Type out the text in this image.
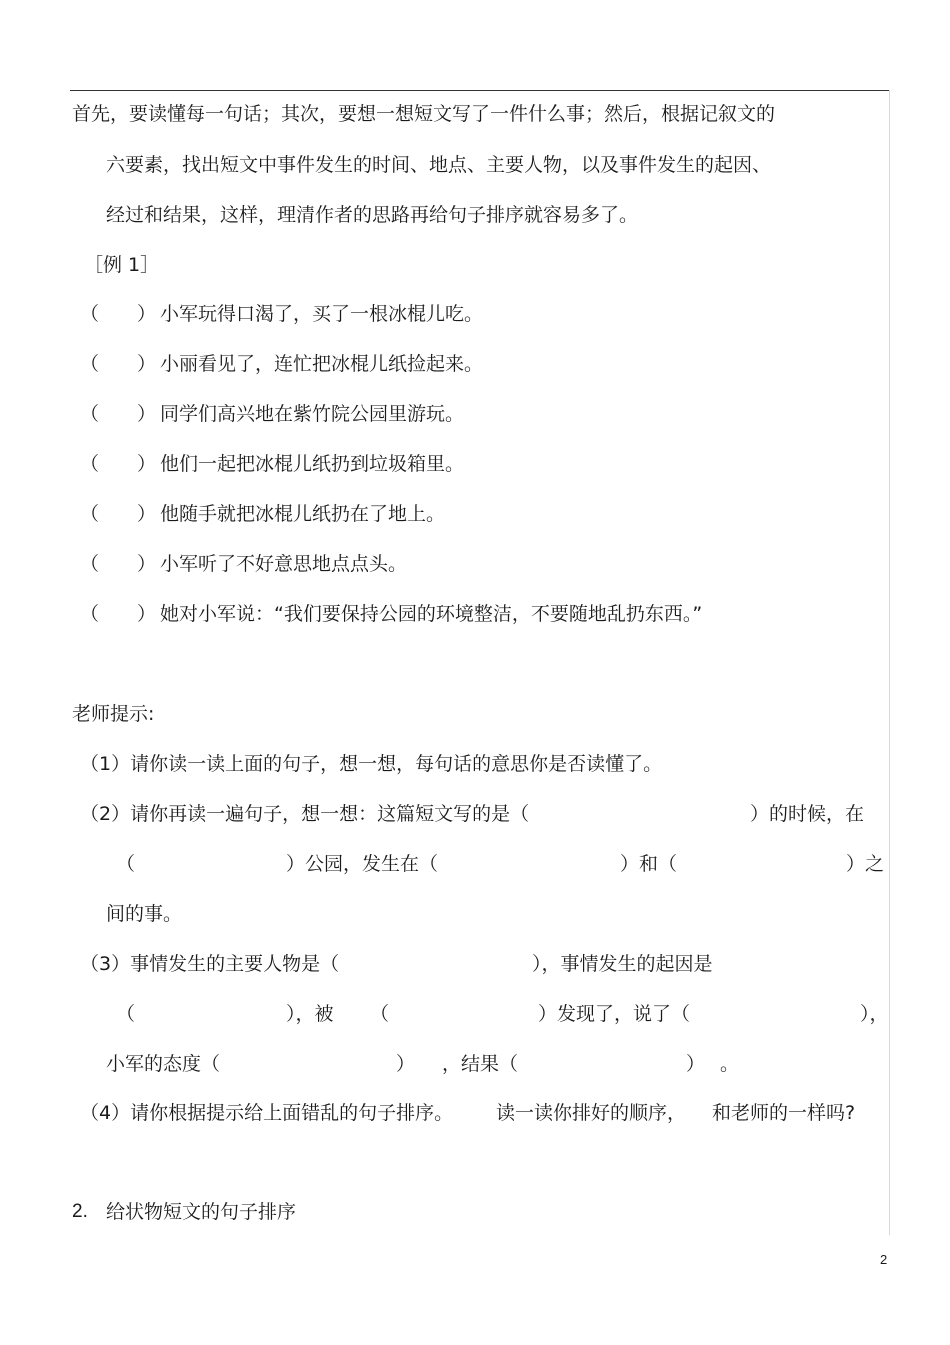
首先，要读懂每一句话；其次，要想一想短文写了一件什么事；然后，根据记叙文的
六要素，找出短文中事件发生的时间、地点、主要人物，以及事件发生的起因、
经过和结果，这样，理清作者的思路再给句子排序就容易多了。
［例 1］
（　　） 小军玩得口渴了，买了一根冰棍儿吃。
（　　） 小丽看见了，连忙把冰棍儿纸捡起来。
（　　） 同学们高兴地在紫竹院公园里游玩。
（　　） 他们一起把冰棍儿纸扔到垃圾箱里。
（　　） 他随手就把冰棍儿纸扔在了地上。
（　　） 小军听了不好意思地点点头。
（　　） 她对小军说：“我们要保持公园的环境整洁，不要随地乱扔东西。”
老师提示:
（1）请你读一读上面的句子，想一想，每句话的意思你是否读懂了。
（2）请你再读一遍句子，想一想：这篇短文写的是（	）的时候，在
（	）公园，发生在（	）和（	）之
间的事。
（3）事情发生的主要人物是（	），事情发生的起因是
（	），被 （	）发现了，说了（	），
小军的态度（	） ，结果（	） 。
（4）请你根据提示给上面错乱的句子排序。 读一读你排好的顺序， 和老师的一样吗?
2. 给状物短文的句子排序
2
